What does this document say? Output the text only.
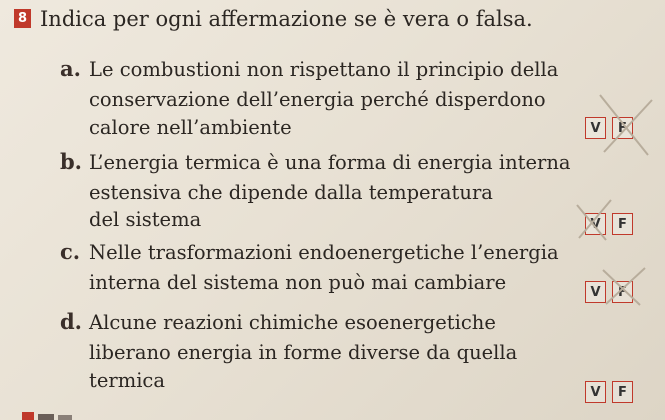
8 Indica per ogni affermazione se è vera o falsa.
a. Le combustioni non rispettano il principio della
conservazione dell’energia perché disperdono
calore nell’ambiente	V	F
b. L’energia termica è una forma di energia interna
estensiva che dipende dalla temperatura
del sistema	V	F
c. Nelle trasformazioni endoenergetiche l’energia
interna del sistema non può mai cambiare	V	F
d. Alcune reazioni chimiche esoenergetiche
liberano energia in forme diverse da quella
termica	V	F
